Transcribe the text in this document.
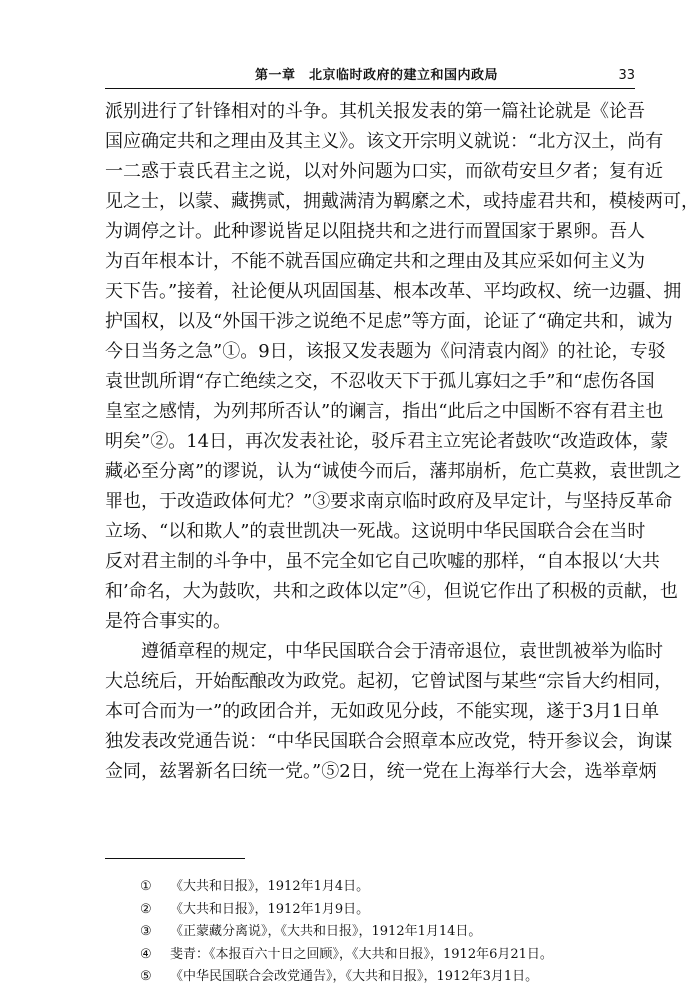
第一章　北京临时政府的建立和国内政局	33

派别进行了针锋相对的斗争。其机关报发表的第一篇社论就是《论吾
国应确定共和之理由及其主义》。该文开宗明义就说：“北方汉土，尚有
一二惑于袁氏君主之说，以对外问题为口实，而欲苟安旦夕者；复有近
见之士，以蒙、藏携贰，拥戴满清为羁縻之术，或持虚君共和，模棱两可，
为调停之计。此种谬说皆足以阻挠共和之进行而置国家于累卵。吾人
为百年根本计，不能不就吾国应确定共和之理由及其应采如何主义为
天下告。”接着，社论便从巩固国基、根本改革、平均政权、统一边疆、拥
护国权，以及“外国干涉之说绝不足虑”等方面，论证了“确定共和，诚为
今日当务之急”①。9日，该报又发表题为《问清袁内阁》的社论，专驳
袁世凯所谓“存亡绝续之交，不忍收天下于孤儿寡妇之手”和“虑伤各国
皇室之感情，为列邦所否认”的谰言，指出“此后之中国断不容有君主也
明矣”②。14日，再次发表社论，驳斥君主立宪论者鼓吹“改造政体，蒙
藏必至分离”的谬说，认为“诚使今而后，藩邦崩析，危亡莫救，袁世凯之
罪也，于改造政体何尤？”③要求南京临时政府及早定计，与坚持反革命
立场、“以和欺人”的袁世凯决一死战。这说明中华民国联合会在当时
反对君主制的斗争中，虽不完全如它自己吹嘘的那样，“自本报以‘大共
和’命名，大为鼓吹，共和之政体以定”④，但说它作出了积极的贡献，也
是符合事实的。

遵循章程的规定，中华民国联合会于清帝退位，袁世凯被举为临时
大总统后，开始酝酿改为政党。起初，它曾试图与某些“宗旨大约相同，
本可合而为一”的政团合并，无如政见分歧，不能实现，遂于3月1日单
独发表改党通告说：“中华民国联合会照章本应改党，特开参议会，询谋
佥同，兹署新名曰统一党。”⑤2日，统一党在上海举行大会，选举章炳

① 《大共和日报》，1912年1月4日。
② 《大共和日报》，1912年1月9日。
③ 《正蒙藏分离说》，《大共和日报》，1912年1月14日。
④ 斐青：《本报百六十日之回顾》，《大共和日报》，1912年6月21日。
⑤ 《中华民国联合会改党通告》，《大共和日报》，1912年3月1日。
